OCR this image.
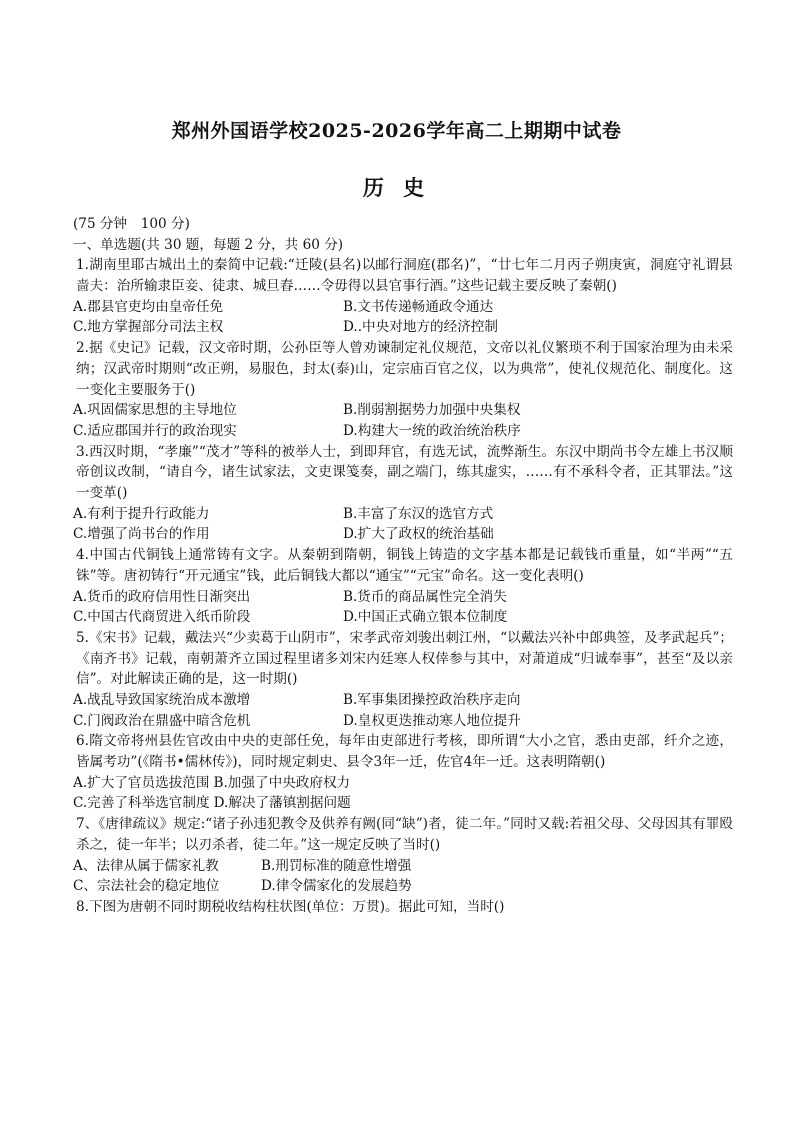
郑州外国语学校2025-2026学年高二上期期中试卷
历 史
(75 分钟　100 分)
一、单选题(共 30 题，每题 2 分，共 60 分)
1.湖南里耶古城出土的秦简中记载:“迁陵(县名)以邮行洞庭(郡名)”，“廿七年二月丙子朔庚寅，洞庭守礼谓县啬夫：治所输隶臣妾、徒隶、城旦舂……令毋得以县官事行酒。”这些记载主要反映了秦朝()
A.郡县官吏均由皇帝任免	B.文书传递畅通政令通达
C.地方掌握部分司法主权	D..中央对地方的经济控制
2.据《史记》记载，汉文帝时期，公孙臣等人曾劝谏制定礼仪规范，文帝以礼仪繁琐不利于国家治理为由未采纳；汉武帝时期则“改正朔，易服色，封太(泰)山，定宗庙百官之仪，以为典常”，使礼仪规范化、制度化。这一变化主要服务于()
A.巩固儒家思想的主导地位	B.削弱割据势力加强中央集权
C.适应郡国并行的政治现实	D.构建大一统的政治统治秩序
3.西汉时期，“孝廉”“茂才”等科的被举人士，到即拜官，有选无试，流弊渐生。东汉中期尚书令左雄上书汉顺帝创议改制，“请自今，诸生试家法，文吏课笺奏，副之端门，练其虚实，……有不承科令者，正其罪法。”这一变革()
A.有利于提升行政能力	B.丰富了东汉的选官方式
C.增强了尚书台的作用	D.扩大了政权的统治基础
4.中国古代铜钱上通常铸有文字。从秦朝到隋朝，铜钱上铸造的文字基本都是记载钱币重量，如“半两”“五铢”等。唐初铸行“开元通宝”钱，此后铜钱大都以“通宝”“元宝”命名。这一变化表明()
A.货币的政府信用性日渐突出	B.货币的商品属性完全消失
C.中国古代商贸进入纸币阶段	D.中国正式确立银本位制度
5.《宋书》记载，戴法兴“少卖葛于山阴市”，宋孝武帝刘骏出刺江州，“以戴法兴补中郎典签，及孝武起兵”；《南齐书》记载，南朝萧齐立国过程里诸多刘宋内廷寒人权倖参与其中，对萧道成“归诚奉事”，甚至“及以亲信”。对此解读正确的是，这一时期()
A.战乱导致国家统治成本激增	B.军事集团操控政治秩序走向
C.门阀政治在鼎盛中暗含危机	D.皇权更迭推动寒人地位提升
6.隋文帝将州县佐官改由中央的吏部任免，每年由吏部进行考核，即所谓“大小之官，悉由吏部，纤介之迹，皆属考功”(《隋书•儒林传》)，同时规定刺史、县令3年一迁，佐官4年一迁。这表明隋朝()
A.扩大了官员选拔范围 B.加强了中央政府权力
C.完善了科举选官制度 D.解决了藩镇割据问题
7、《唐律疏议》规定:“诸子孙违犯教令及供养有阙(同“缺”)者，徒二年。”同时又载:若祖父母、父母因其有罪殴杀之，徒一年半；以刃杀者，徒二年。”这一规定反映了当时()
A、法律从属于儒家礼教	B.刑罚标准的随意性增强
C、宗法社会的稳定地位	D.律令儒家化的发展趋势
8.下图为唐朝不同时期税收结构柱状图(单位：万贯)。据此可知，当时()
